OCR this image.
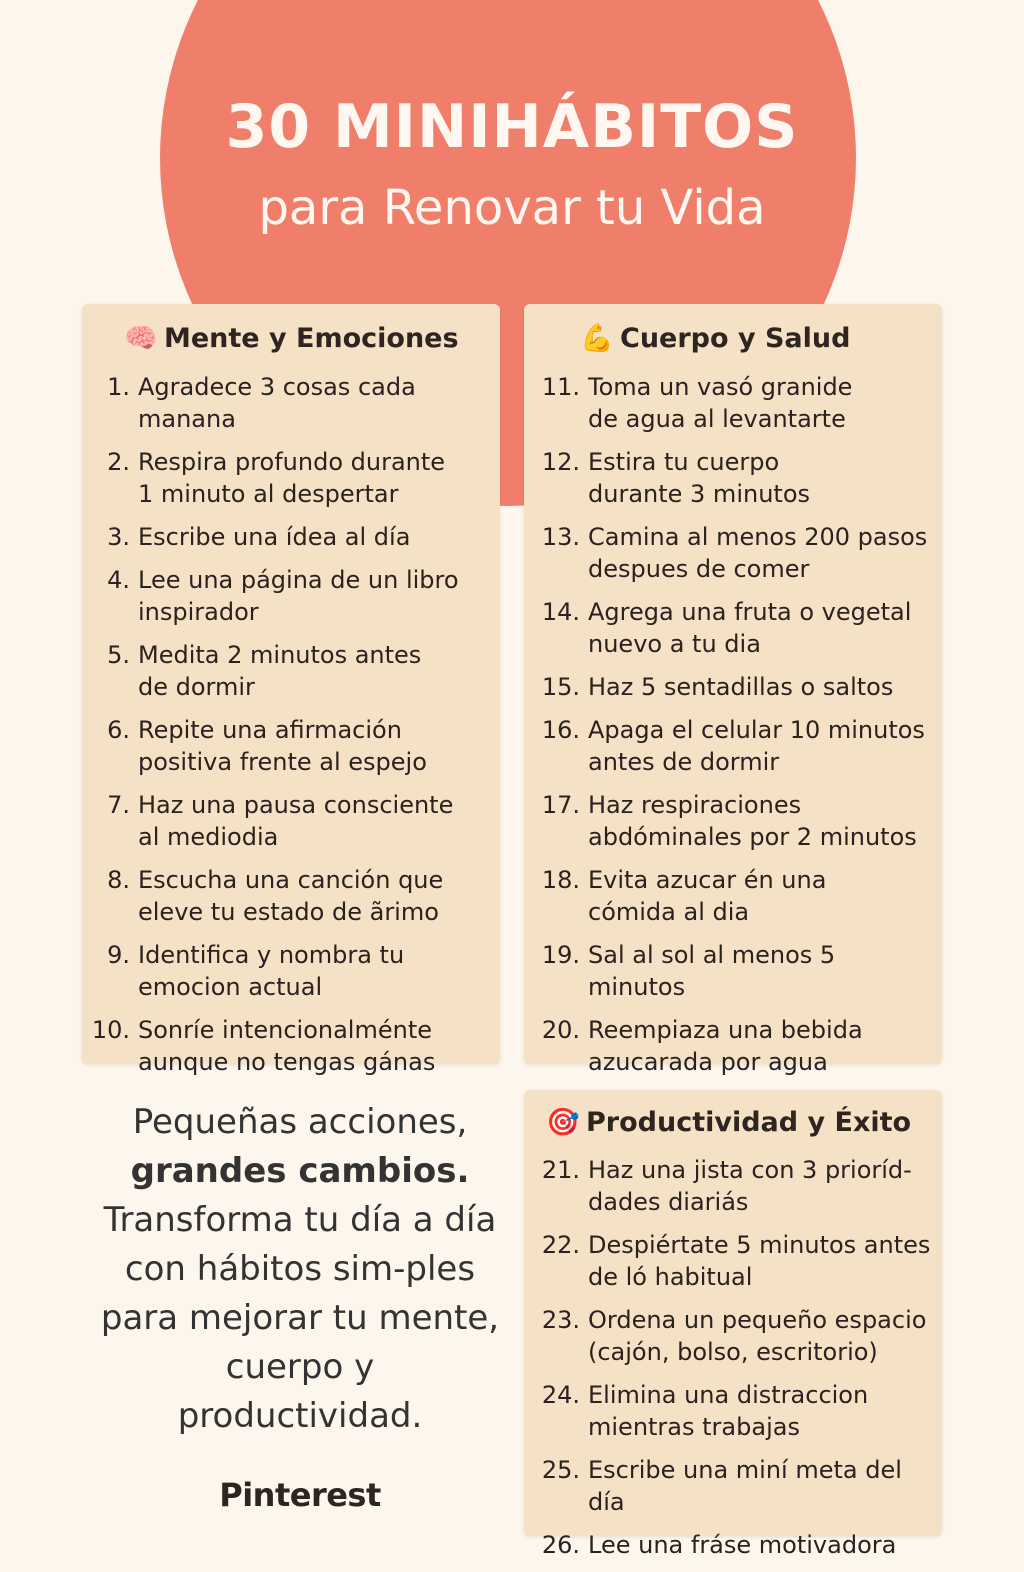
30 MINIHÁBITOS
para Renovar tu Vida
🧠 Mente y Emociones
1. Agradece 3 cosas cada manana
2. Respira profundo durante
1 minuto al despertar
3. Escribe una ídea al día
4. Lee una página de un libro
inspirador
5. Medita 2 minutos antes
de dormir
6. Repite una afirmación
positiva frente al espejo
7. Haz una pausa consciente
al mediodia
8. Escucha una canción que
eleve tu estado de ãrimo
9. Identifica y nombra tu
emocion actual
10. Sonríe intencionalménte
aunque no tengas gánas
💪 Cuerpo y Salud
11. Toma un vasó granide
de agua al levantarte
12. Estira tu cuerpo
durante 3 minutos
13. Camina al menos 200 pasos
despues de comer
14. Agrega una fruta o vegetal
nuevo a tu dia
15. Haz 5 sentadillas o saltos
16. Apaga el celular 10 minutos
antes de dormir
17. Haz respiraciones
abdóminales por 2 minutos
18. Evita azucar én una
cómida al dia
19. Sal al sol al menos 5 minutos
20. Reempiaza una bebida
azucarada por agua
🎯 Productividad y Éxito
21. Haz una jista con 3 prioríd-
dades diariás
22. Despiértate 5 minutos antes
de ló habitual
23. Ordena un pequeño espacio
(cajón, bolso, escritorio)
24. Elimina una distraccion
mientras trabajas
25. Escribe una miní meta del día
26. Lee una fráse motivadora
Pequeñas acciones,
grandes cambios.
Transforma tu día a día con hábitos sim-ples para mejorar tu mente, cuerpo y productividad.
Pinterest
